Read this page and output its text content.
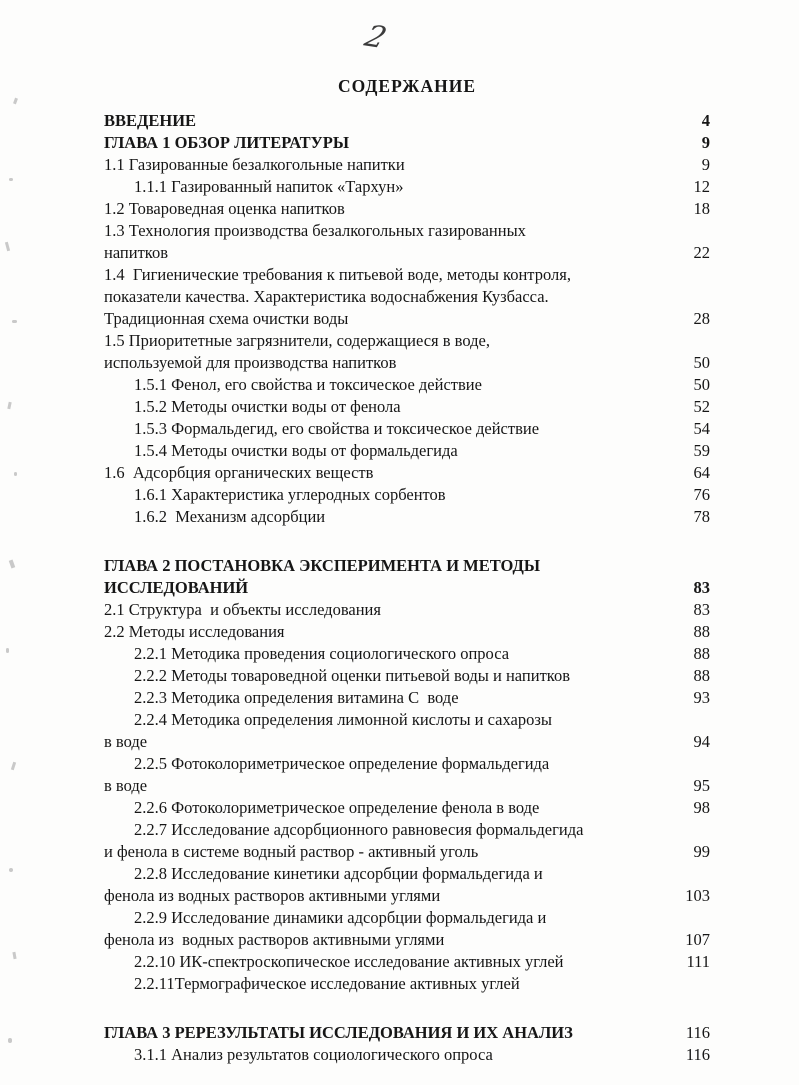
2
СОДЕРЖАНИЕ
ВВЕДЕНИЕ	4
ГЛАВА 1 ОБЗОР ЛИТЕРАТУРЫ	9
1.1 Газированные безалкогольные напитки	9
1.1.1 Газированный напиток «Тархун»	12
1.2 Товароведная оценка напитков	18
1.3 Технология производства безалкогольных газированных
напитков	22
1.4  Гигиенические требования к питьевой воде, методы контроля,
показатели качества. Характеристика водоснабжения Кузбасса.
Традиционная схема очистки воды	28
1.5 Приоритетные загрязнители, содержащиеся в воде,
используемой для производства напитков	50
1.5.1 Фенол, его свойства и токсическое действие	50
1.5.2 Методы очистки воды от фенола	52
1.5.3 Формальдегид, его свойства и токсическое действие	54
1.5.4 Методы очистки воды от формальдегида	59
1.6  Адсорбция органических веществ	64
1.6.1 Характеристика углеродных сорбентов	76
1.6.2  Механизм адсорбции	78
ГЛАВА 2 ПОСТАНОВКА ЭКСПЕРИМЕНТА И МЕТОДЫ
ИССЛЕДОВАНИЙ	83
2.1 Структура  и объекты исследования	83
2.2 Методы исследования	88
2.2.1 Методика проведения социологического опроса	88
2.2.2 Методы товароведной оценки питьевой воды и напитков	88
2.2.3 Методика определения витамина С  воде	93
2.2.4 Методика определения лимонной кислоты и сахарозы
в воде	94
2.2.5 Фотоколориметрическое определение формальдегида
в воде	95
2.2.6 Фотоколориметрическое определение фенола в воде	98
2.2.7 Исследование адсорбционного равновесия формальдегида
и фенола в системе водный раствор - активный уголь	99
2.2.8 Исследование кинетики адсорбции формальдегида и
фенола из водных растворов активными углями	103
2.2.9 Исследование динамики адсорбции формальдегида и
фенола из  водных растворов активными углями	107
2.2.10 ИК-спектроскопическое исследование активных углей	111
2.2.11Термографическое исследование активных углей
ГЛАВА 3 РЕРЕЗУЛЬТАТЫ ИССЛЕДОВАНИЯ И ИХ АНАЛИЗ	116
3.1.1 Анализ результатов социологического опроса	116
